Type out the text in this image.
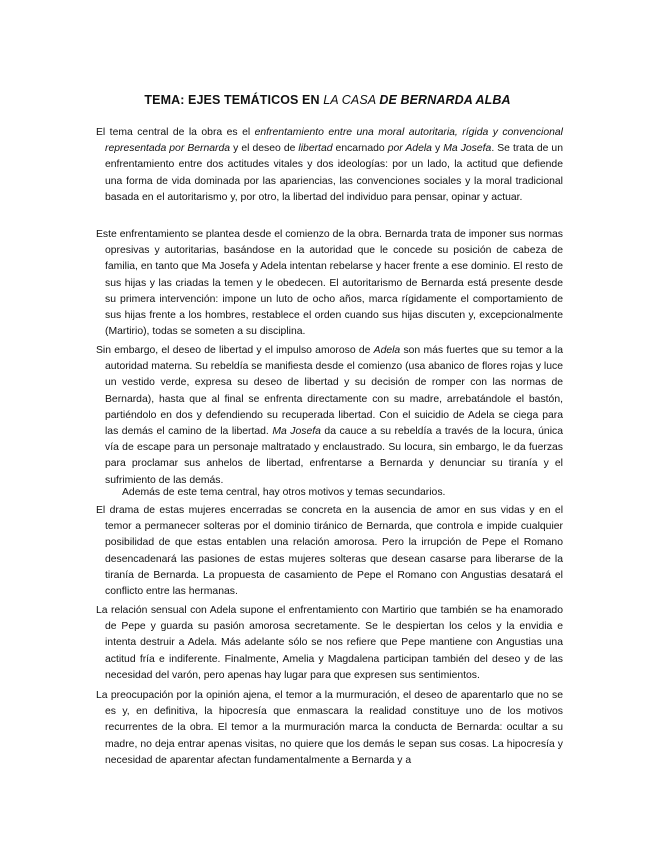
TEMA: EJES TEMÁTICOS EN LA CASA DE BERNARDA ALBA
El tema central de la obra es el enfrentamiento entre una moral autoritaria, rígida y convencional representada por Bernarda y el deseo de libertad encarnado por Adela y Ma Josefa. Se trata de un enfrentamiento entre dos actitudes vitales y dos ideologías: por un lado, la actitud que defiende una forma de vida dominada por las apariencias, las convenciones sociales y la moral tradicional basada en el autoritarismo y, por otro, la libertad del individuo para pensar, opinar y actuar.
Este enfrentamiento se plantea desde el comienzo de la obra. Bernarda trata de imponer sus normas opresivas y autoritarias, basándose en la autoridad que le concede su posición de cabeza de familia, en tanto que Ma Josefa y Adela intentan rebelarse y hacer frente a ese dominio. El resto de sus hijas y las criadas la temen y le obedecen. El autoritarismo de Bernarda está presente desde su primera intervención: impone un luto de ocho años, marca rígidamente el comportamiento de sus hijas frente a los hombres, restablece el orden cuando sus hijas discuten y, excepcionalmente (Martirio), todas se someten a su disciplina.
Sin embargo, el deseo de libertad y el impulso amoroso de Adela son más fuertes que su temor a la autoridad materna. Su rebeldía se manifiesta desde el comienzo (usa abanico de flores rojas y luce un vestido verde, expresa su deseo de libertad y su decisión de romper con las normas de Bernarda), hasta que al final se enfrenta directamente con su madre, arrebatándole el bastón, partiéndolo en dos y defendiendo su recuperada libertad. Con el suicidio de Adela se ciega para las demás el camino de la libertad. Ma Josefa da cauce a su rebeldía a través de la locura, única vía de escape para un personaje maltratado y enclaustrado. Su locura, sin embargo, le da fuerzas para proclamar sus anhelos de libertad, enfrentarse a Bernarda y denunciar su tiranía y el sufrimiento de las demás.
Además de este tema central, hay otros motivos y temas secundarios.
El drama de estas mujeres encerradas se concreta en la ausencia de amor en sus vidas y en el temor a permanecer solteras por el dominio tiránico de Bernarda, que controla e impide cualquier posibilidad de que estas entablen una relación amorosa. Pero la irrupción de Pepe el Romano desencadenará las pasiones de estas mujeres solteras que desean casarse para liberarse de la tiranía de Bernarda. La propuesta de casamiento de Pepe el Romano con Angustias desatará el conflicto entre las hermanas.
La relación sensual con Adela supone el enfrentamiento con Martirio que también se ha enamorado de Pepe y guarda su pasión amorosa secretamente. Se le despiertan los celos y la envidia e intenta destruir a Adela. Más adelante sólo se nos refiere que Pepe mantiene con Angustias una actitud fría e indiferente. Finalmente, Amelia y Magdalena participan también del deseo y de las necesidad del varón, pero apenas hay lugar para que expresen sus sentimientos.
La preocupación por la opinión ajena, el temor a la murmuración, el deseo de aparentarlo que no se es y, en definitiva, la hipocresía que enmascara la realidad constituye uno de los motivos recurrentes de la obra. El temor a la murmuración marca la conducta de Bernarda: ocultar a su madre, no deja entrar apenas visitas, no quiere que los demás le sepan sus cosas. La hipocresía y necesidad de aparentar afectan fundamentalmente a Bernarda y a
